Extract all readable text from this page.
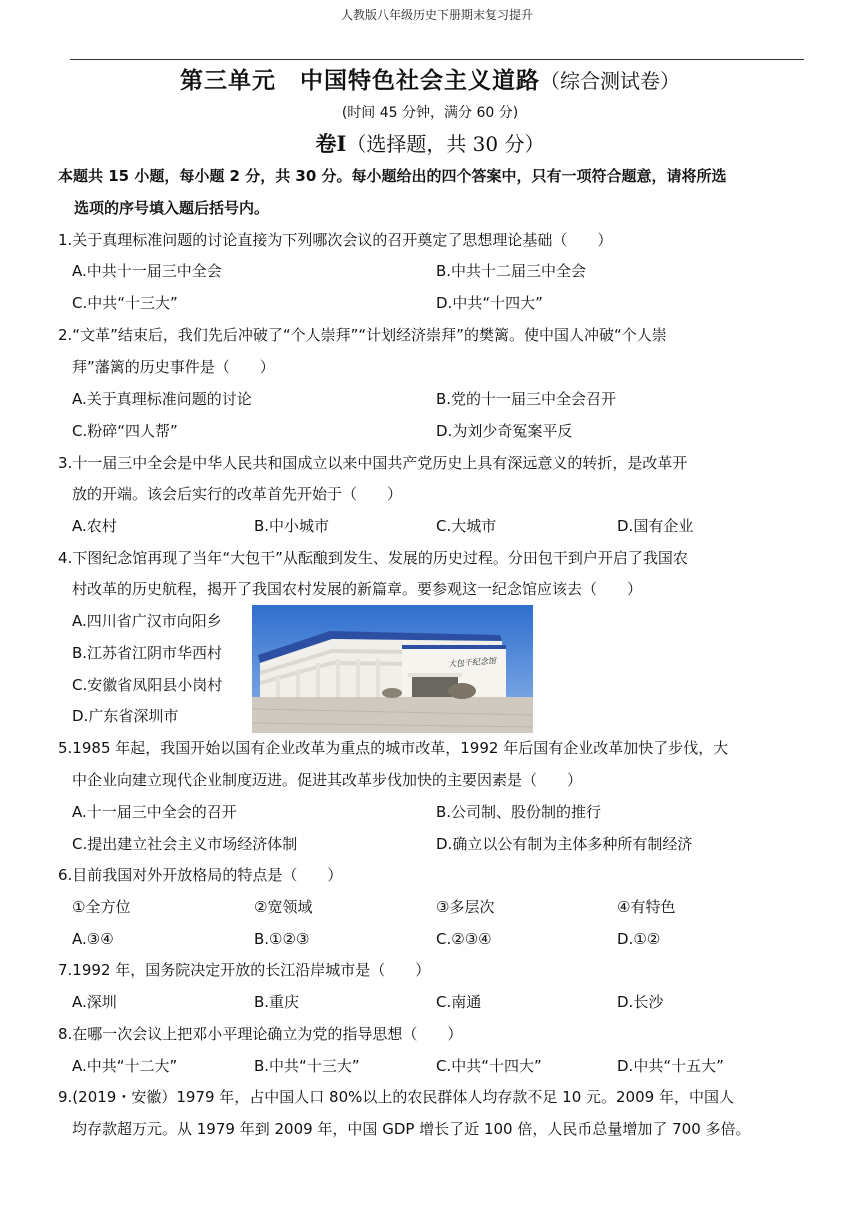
人教版八年级历史下册期末复习提升
第三单元　中国特色社会主义道路（综合测试卷）
(时间 45 分钟，满分 60 分)
卷Ⅰ（选择题，共 30 分）
本题共 15 小题，每小题 2 分，共 30 分。每小题给出的四个答案中，只有一项符合题意，请将所选
选项的序号填入题后括号内。
1.关于真理标准问题的讨论直接为下列哪次会议的召开奠定了思想理论基础（　　）
A.中共十一届三中全会	B.中共十二届三中全会
C.中共“十三大”	D.中共“十四大”
2.“文革”结束后，我们先后冲破了“个人崇拜”“计划经济崇拜”的樊篱。使中国人冲破“个人崇
拜”藩篱的历史事件是（　　）
A.关于真理标准问题的讨论	B.党的十一届三中全会召开
C.粉碎“四人帮”	D.为刘少奇冤案平反
3.十一届三中全会是中华人民共和国成立以来中国共产党历史上具有深远意义的转折，是改革开
放的开端。该会后实行的改革首先开始于（　　）
A.农村	B.中小城市	C.大城市	D.国有企业
4.下图纪念馆再现了当年“大包干”从酝酿到发生、发展的历史过程。分田包干到户开启了我国农
村改革的历史航程，揭开了我国农村发展的新篇章。要参观这一纪念馆应该去（　　）
A.四川省广汉市向阳乡
B.江苏省江阴市华西村
C.安徽省凤阳县小岗村
D.广东省深圳市
大包干纪念馆
5.1985 年起，我国开始以国有企业改革为重点的城市改革，1992 年后国有企业改革加快了步伐，大
中企业向建立现代企业制度迈进。促进其改革步伐加快的主要因素是（　　）
A.十一届三中全会的召开	B.公司制、股份制的推行
C.提出建立社会主义市场经济体制	D.确立以公有制为主体多种所有制经济
6.目前我国对外开放格局的特点是（　　）
①全方位	②宽领域	③多层次	④有特色
A.③④	B.①②③	C.②③④	D.①②
7.1992 年，国务院决定开放的长江沿岸城市是（　　）
A.深圳	B.重庆	C.南通	D.长沙
8.在哪一次会议上把邓小平理论确立为党的指导思想（　　）
A.中共“十二大”	B.中共“十三大”	C.中共“十四大”	D.中共“十五大”
9.(2019・安徽）1979 年，占中国人口 80%以上的农民群体人均存款不足 10 元。2009 年，中国人
均存款超万元。从 1979 年到 2009 年，中国 GDP 增长了近 100 倍，人民币总量增加了 700 多倍。
